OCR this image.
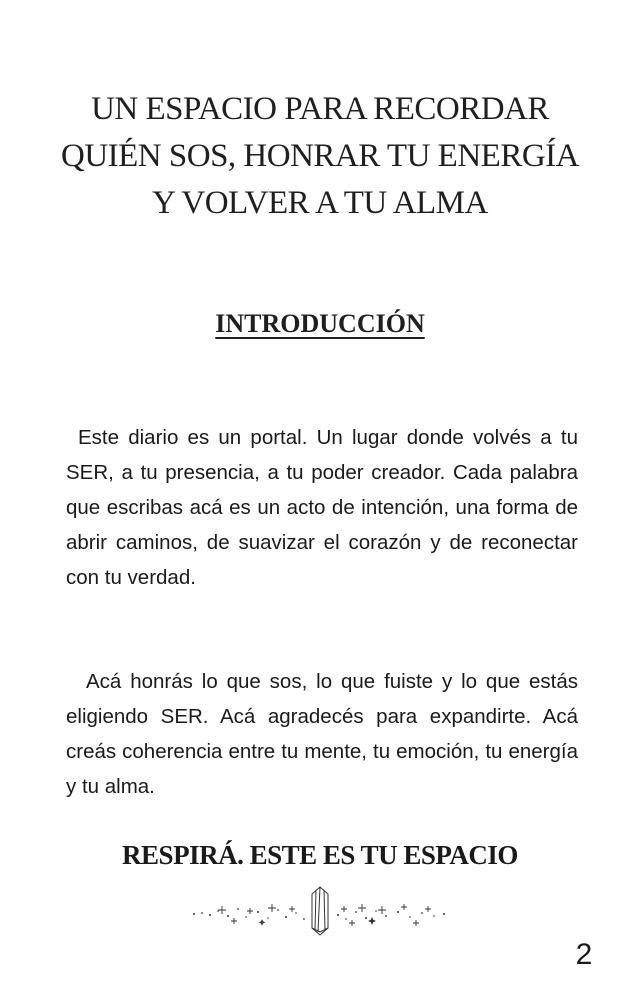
UN ESPACIO PARA RECORDAR
QUIÉN SOS, HONRAR TU ENERGÍA
Y VOLVER A TU ALMA
INTRODUCCIÓN

Este diario es un portal. Un lugar donde volvés a tu SER, a tu presencia, a tu poder creador. Cada palabra que escribas acá es un acto de intención, una forma de abrir caminos, de suavizar el corazón y de reconectar con tu verdad.

Acá honrás lo que sos, lo que fuiste y lo que estás eligiendo SER. Acá agradecés para expandirte. Acá creás coherencia entre tu mente, tu emoción, tu energía y tu alma.

RESPIRÁ. ESTE ES TU ESPACIO
2
